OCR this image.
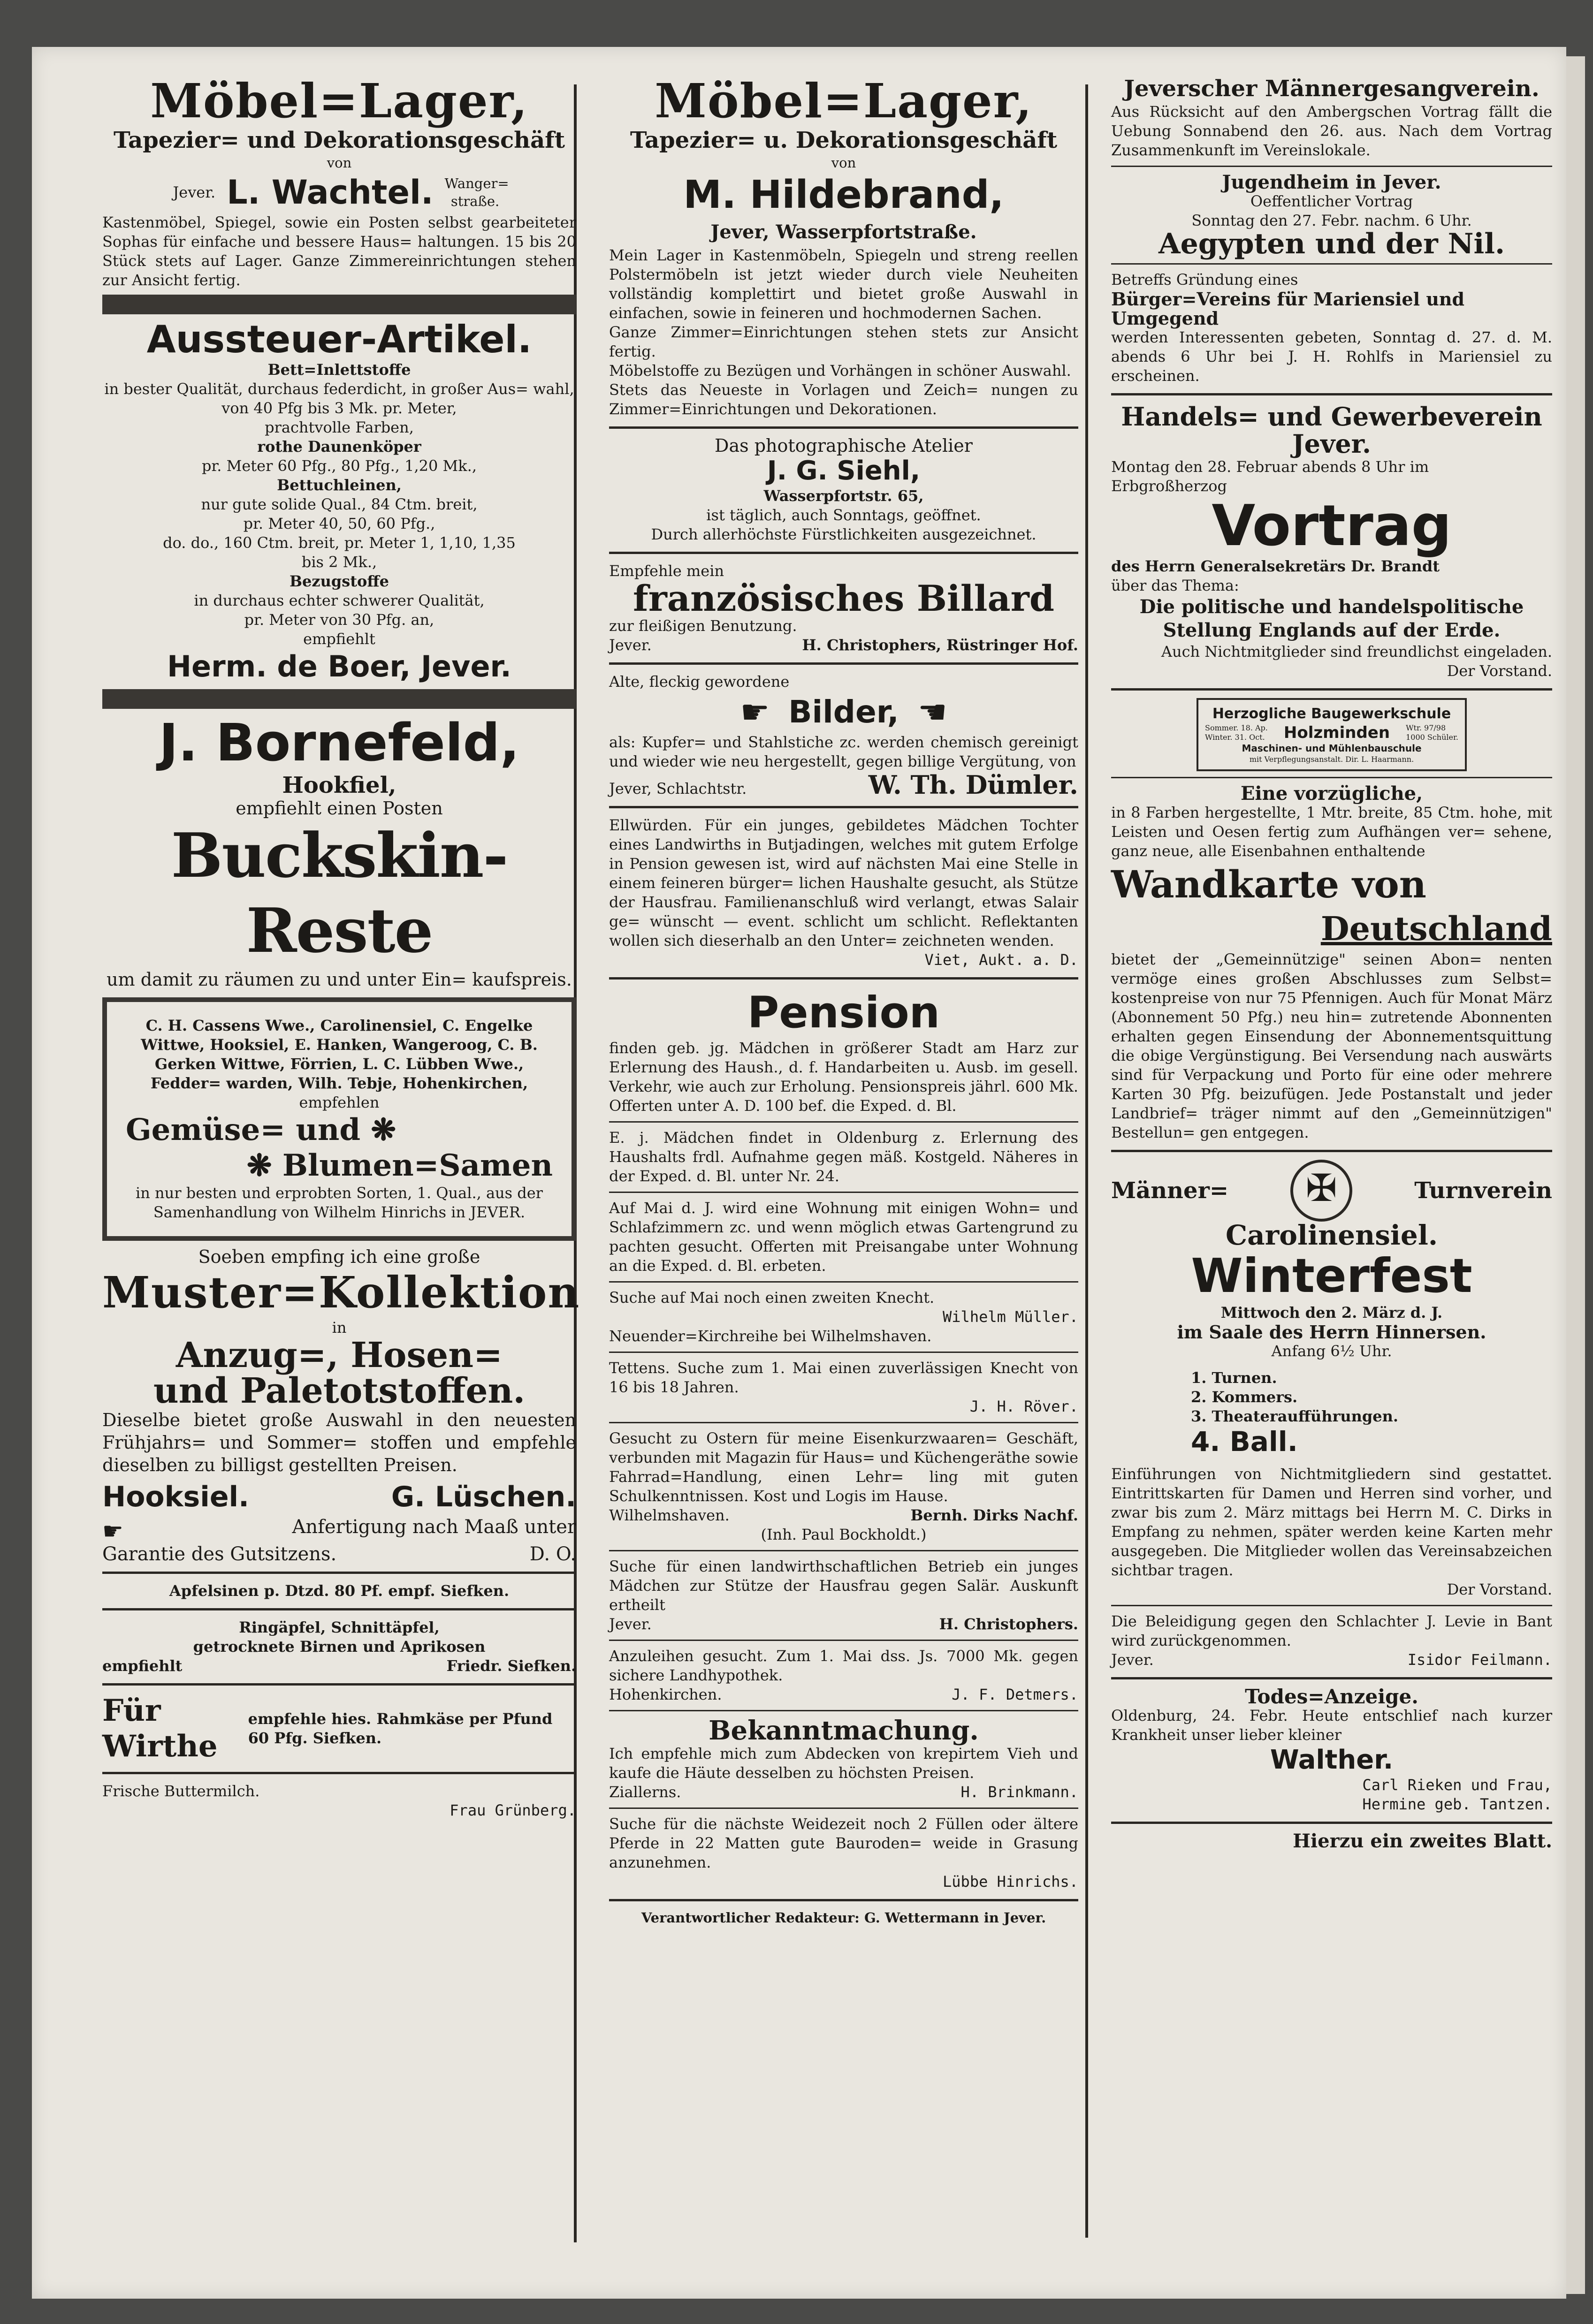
Möbel=Lager,
Tapezier= und Dekorationsgeschäft
von
Jever. L. Wachtel. Wanger= straße.
Kastenmöbel, Spiegel, sowie ein Posten selbst gearbeiteter Sophas für einfache und bessere Haus= haltungen. 15 bis 20 Stück stets auf Lager. Ganze Zimmereinrichtungen stehen zur Ansicht fertig.
Aussteuer-Artikel.
Bett=Inlettstoffe
in bester Qualität, durchaus federdicht, in großer Aus= wahl, von 40 Pfg bis 3 Mk. pr. Meter,
prachtvolle Farben,
rothe Daunenköper
pr. Meter 60 Pfg., 80 Pfg., 1,20 Mk.,
Bettuchleinen,
nur gute solide Qual., 84 Ctm. breit,
pr. Meter 40, 50, 60 Pfg.,
do. do., 160 Ctm. breit, pr. Meter 1, 1,10, 1,35
bis 2 Mk.,
Bezugstoffe
in durchaus echter schwerer Qualität,
pr. Meter von 30 Pfg. an,
empfiehlt
Herm. de Boer, Jever.
J. Bornefeld,
Hookfiel,
empfiehlt einen Posten
Buckskin-Reste
um damit zu räumen zu und unter Ein= kaufspreis.
C. H. Cassens Wwe., Carolinensiel, C. Engelke Wittwe, Hooksiel, E. Hanken, Wangeroog, C. B. Gerken Wittwe, Förrien, L. C. Lübben Wwe., Fedder= warden, Wilh. Tebje, Hohenkirchen,
empfehlen
Gemüse= und ❋
❋ Blumen=Samen
in nur besten und erprobten Sorten, 1. Qual., aus der Samenhandlung von Wilhelm Hinrichs in JEVER.
Soeben empfing ich eine große
Muster=Kollektion
in
Anzug=, Hosen=
und Paletotstoffen.
Dieselbe bietet große Auswahl in den neuesten Frühjahrs= und Sommer= stoffen und empfehle dieselben zu billigst gestellten Preisen.
Hooksiel.	G. Lüschen.
☛	Anfertigung nach Maaß unter
Garantie des Gutsitzens.	D. O.
Apfelsinen p. Dtzd. 80 Pf. empf. Siefken.
Ringäpfel, Schnittäpfel,
getrocknete Birnen und Aprikosen
empfiehlt	Friedr. Siefken.
Für Wirthe
empfehle hies. Rahmkäse per Pfund 60 Pfg. Siefken.
Frische Buttermilch.
Frau Grünberg.
Möbel=Lager,
Tapezier= u. Dekorationsgeschäft
von
M. Hildebrand,
Jever, Wasserpfortstraße.
Mein Lager in Kastenmöbeln, Spiegeln und streng reellen Polstermöbeln ist jetzt wieder durch viele Neuheiten vollständig komplettirt und bietet große Auswahl in einfachen, sowie in feineren und hochmodernen Sachen.
Ganze Zimmer=Einrichtungen stehen stets zur Ansicht fertig.
Möbelstoffe zu Bezügen und Vorhängen in schöner Auswahl.
Stets das Neueste in Vorlagen und Zeich= nungen zu Zimmer=Einrichtungen und Dekorationen.
Das photographische Atelier
J. G. Siehl,
Wasserpfortstr. 65,
ist täglich, auch Sonntags, geöffnet.
Durch allerhöchste Fürstlichkeiten ausgezeichnet.
Empfehle mein
französisches Billard
zur fleißigen Benutzung.
Jever.	H. Christophers, Rüstringer Hof.
Alte, fleckig gewordene
☛ Bilder, ☛
als: Kupfer= und Stahlstiche zc. werden chemisch gereinigt und wieder wie neu hergestellt, gegen billige Vergütung, von
Jever, Schlachtstr.	W. Th. Dümler.
Ellwürden. Für ein junges, gebildetes Mädchen Tochter eines Landwirths in Butjadingen, welches mit gutem Erfolge in Pension gewesen ist, wird auf nächsten Mai eine Stelle in einem feineren bürger= lichen Haushalte gesucht, als Stütze der Hausfrau. Familienanschluß wird verlangt, etwas Salair ge= wünscht — event. schlicht um schlicht. Reflektanten wollen sich dieserhalb an den Unter= zeichneten wenden.
Viet, Aukt. a. D.
Pension
finden geb. jg. Mädchen in größerer Stadt am Harz zur Erlernung des Haush., d. f. Handarbeiten u. Ausb. im gesell. Verkehr, wie auch zur Erholung. Pensionspreis jährl. 600 Mk. Offerten unter A. D. 100 bef. die Exped. d. Bl.
E. j. Mädchen findet in Oldenburg z. Erlernung des Haushalts frdl. Aufnahme gegen mäß. Kostgeld. Näheres in der Exped. d. Bl. unter Nr. 24.
Auf Mai d. J. wird eine Wohnung mit einigen Wohn= und Schlafzimmern zc. und wenn möglich etwas Gartengrund zu pachten gesucht. Offerten mit Preisangabe unter Wohnung an die Exped. d. Bl. erbeten.
Suche auf Mai noch einen zweiten Knecht.
Wilhelm Müller.
Neuender=Kirchreihe bei Wilhelmshaven.
Tettens. Suche zum 1. Mai einen zuverlässigen Knecht von 16 bis 18 Jahren.
J. H. Röver.
Gesucht zu Ostern für meine Eisenkurzwaaren= Geschäft, verbunden mit Magazin für Haus= und Küchengeräthe sowie Fahrrad=Handlung, einen Lehr= ling mit guten Schulkenntnissen. Kost und Logis im Hause.
Wilhelmshaven.	Bernh. Dirks Nachf.
(Inh. Paul Bockholdt.)
Suche für einen landwirthschaftlichen Betrieb ein junges Mädchen zur Stütze der Hausfrau gegen Salär. Auskunft ertheilt
Jever.	H. Christophers.
Anzuleihen gesucht. Zum 1. Mai dss. Js. 7000 Mk. gegen sichere Landhypothek.
Hohenkirchen.	J. F. Detmers.
Bekanntmachung.
Ich empfehle mich zum Abdecken von krepirtem Vieh und kaufe die Häute desselben zu höchsten Preisen.
Ziallerns.	H. Brinkmann.
Suche für die nächste Weidezeit noch 2 Füllen oder ältere Pferde in 22 Matten gute Bauroden= weide in Grasung anzunehmen.
Lübbe Hinrichs.
Verantwortlicher Redakteur: G. Wettermann in Jever.
Jeverscher Männergesangverein.
Aus Rücksicht auf den Ambergschen Vortrag fällt die Uebung Sonnabend den 26. aus. Nach dem Vortrag Zusammenkunft im Vereinslokale.
Jugendheim in Jever.
Oeffentlicher Vortrag
Sonntag den 27. Febr. nachm. 6 Uhr.
Aegypten und der Nil.
Betreffs Gründung eines
Bürger=Vereins für Mariensiel und Umgegend
werden Interessenten gebeten, Sonntag d. 27. d. M. abends 6 Uhr bei J. H. Rohlfs in Mariensiel zu erscheinen.
Handels= und Gewerbeverein
Jever.
Montag den 28. Februar abends 8 Uhr im
Erbgroßherzog
Vortrag
des Herrn Generalsekretärs Dr. Brandt
über das Thema:
Die politische und handelspolitische
Stellung Englands auf der Erde.
Auch Nichtmitglieder sind freundlichst eingeladen.
Der Vorstand.
Herzogliche Baugewerkschule
Sommer. 18. Ap.
Winter. 31. Oct. Holzminden Wtr. 97/98
1000 Schüler.
Maschinen- und Mühlenbauschule
mit Verpflegungsanstalt. Dir. L. Haarmann.
Eine vorzügliche,
in 8 Farben hergestellte, 1 Mtr. breite, 85 Ctm. hohe, mit Leisten und Oesen fertig zum Aufhängen ver= sehene, ganz neue, alle Eisenbahnen enthaltende
Wandkarte von
Deutschland
bietet der „Gemeinnützige" seinen Abon= nenten vermöge eines großen Abschlusses zum Selbst= kostenpreise von nur 75 Pfennigen. Auch für Monat März (Abonnement 50 Pfg.) neu hin= zutretende Abonnenten erhalten gegen Einsendung der Abonnementsquittung die obige Vergünstigung. Bei Versendung nach auswärts sind für Verpackung und Porto für eine oder mehrere Karten 30 Pfg. beizufügen. Jede Postanstalt und jeder Landbrief= träger nimmt auf den „Gemeinnützigen" Bestellun= gen entgegen.
Männer=
✠	Turnverein
Carolinensiel.
Winterfest
Mittwoch den 2. März d. J.
im Saale des Herrn Hinnersen.
Anfang 6½ Uhr.
1. Turnen.
2. Kommers.
3. Theateraufführungen.
4. Ball.
Einführungen von Nichtmitgliedern sind gestattet. Eintrittskarten für Damen und Herren sind vorher, und zwar bis zum 2. März mittags bei Herrn M. C. Dirks in Empfang zu nehmen, später werden keine Karten mehr ausgegeben. Die Mitglieder wollen das Vereinsabzeichen sichtbar tragen.
Der Vorstand.
Die Beleidigung gegen den Schlachter J. Levie in Bant wird zurückgenommen.
Jever.	Isidor Feilmann.
Todes=Anzeige.
Oldenburg, 24. Febr. Heute entschlief nach kurzer Krankheit unser lieber kleiner
Walther.
Carl Rieken und Frau,
Hermine geb. Tantzen.
Hierzu ein zweites Blatt.
